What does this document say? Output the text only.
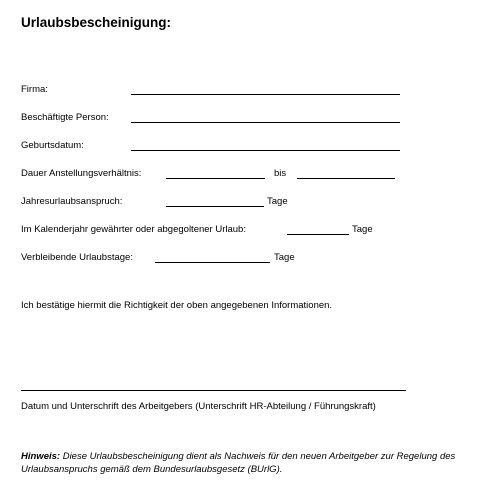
Urlaubsbescheinigung:
Firma:
Beschäftigte Person:
Geburtsdatum:
Dauer Anstellungsverhältnis:	bis
Jahresurlaubsanspruch:	Tage
Im Kalenderjahr gewährter oder abgegoltener Urlaub:	Tage
Verbleibende Urlaubstage:	Tage
Ich bestätige hiermit die Richtigkeit der oben angegebenen Informationen.
Datum und Unterschrift des Arbeitgebers (Unterschrift HR-Abteilung / Führungskraft)
Hinweis: Diese Urlaubsbescheinigung dient als Nachweis für den neuen Arbeitgeber zur Regelung des Urlaubsanspruchs gemäß dem Bundesurlaubsgesetz (BUrlG).
